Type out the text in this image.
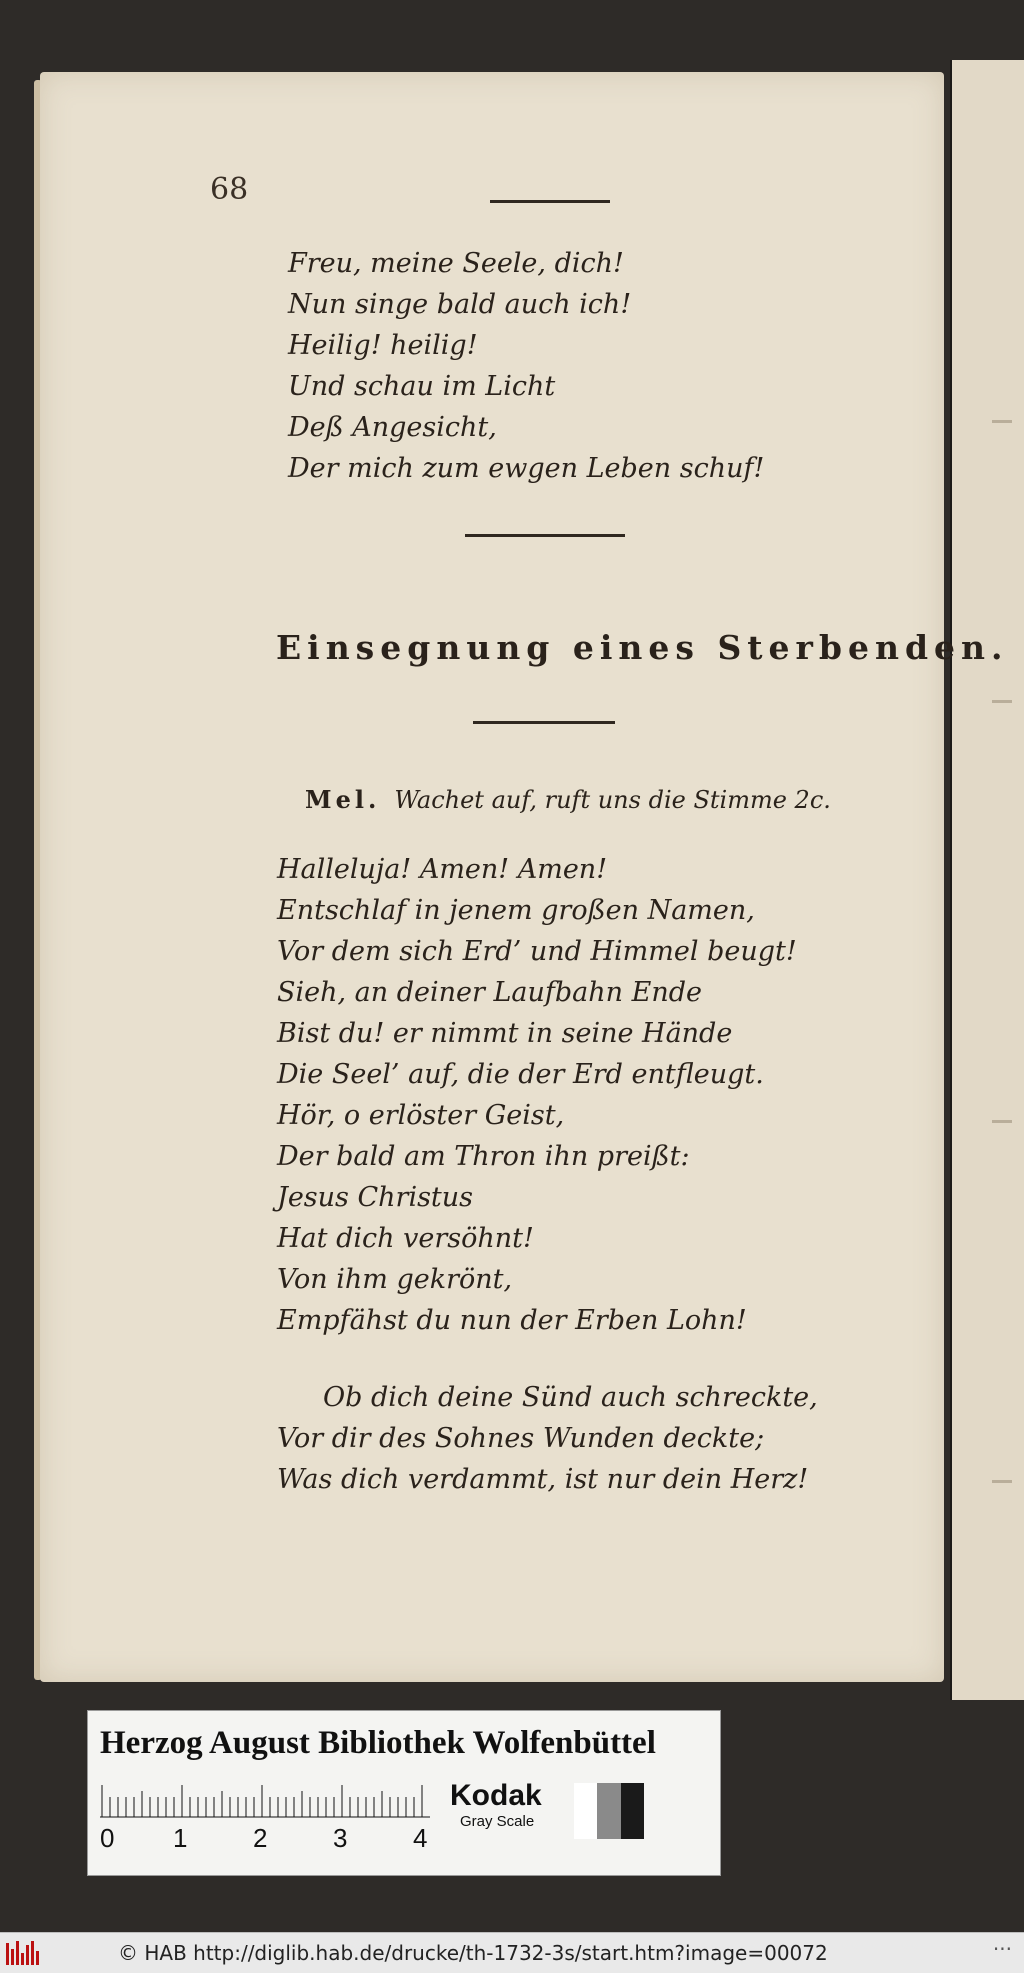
68
Freu, meine Seele, dich!
Nun singe bald auch ich!
Heilig! heilig!
Und schau im Licht
Deß Angesicht,
Der mich zum ewgen Leben schuf!
Einsegnung eines Sterbenden.
Mel. Wachet auf, ruft uns die Stimme 2c.
Halleluja! Amen! Amen!
Entschlaf in jenem großen Namen,
Vor dem sich Erd’ und Himmel beugt!
Sieh, an deiner Laufbahn Ende
Bist du! er nimmt in seine Hände
Die Seel’ auf, die der Erd entfleugt.
Hör, o erlöster Geist,
Der bald am Thron ihn preißt:
Jesus Christus
Hat dich versöhnt!
Von ihm gekrönt,
Empfähst du nun der Erben Lohn!
Ob dich deine Sünd auch schreckte,
Vor dir des Sohnes Wunden deckte;
Was dich verdammt, ist nur dein Herz!
Herzog August Bibliothek Wolfenbüttel
0 1	2	3	4
Kodak
Gray Scale
© HAB http://diglib.hab.de/drucke/th-1732-3s/start.htm?image=00072	···
